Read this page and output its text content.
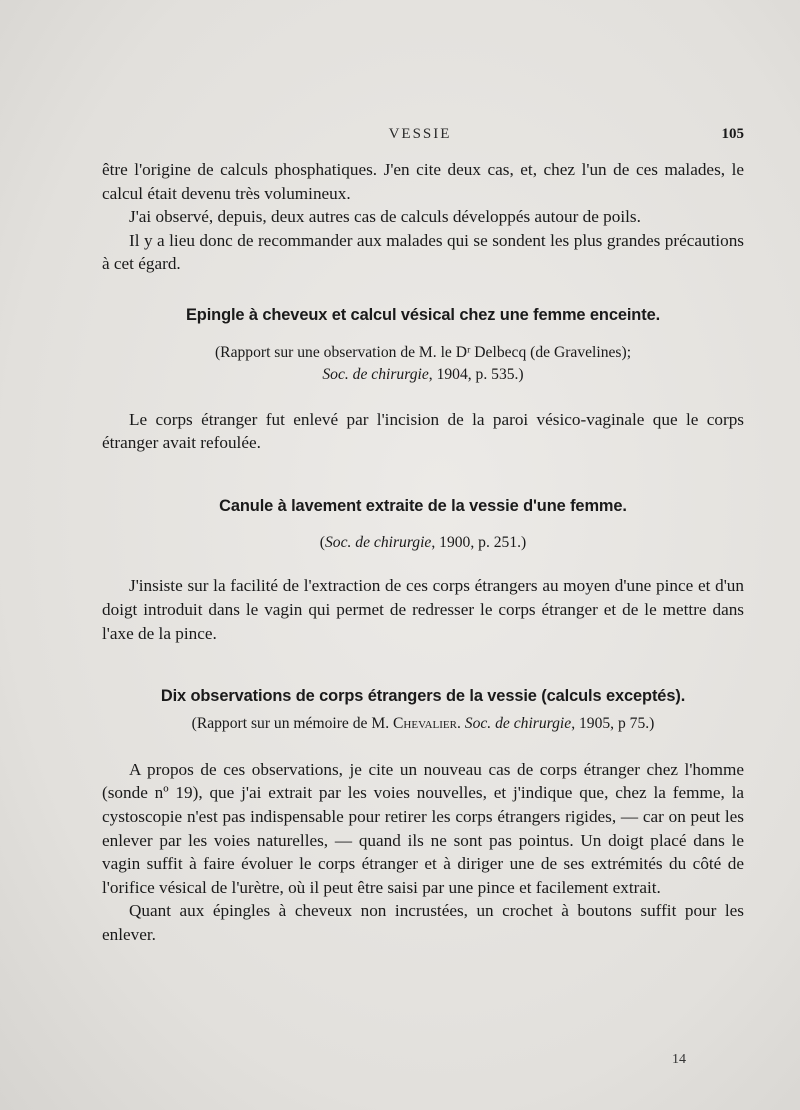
VESSIE	105

être l'origine de calculs phosphatiques. J'en cite deux cas, et, chez l'un de ces malades, le calcul était devenu très volumineux.

J'ai observé, depuis, deux autres cas de calculs développés autour de poils.

Il y a lieu donc de recommander aux malades qui se sondent les plus grandes précautions à cet égard.

Epingle à cheveux et calcul vésical chez une femme enceinte.
(Rapport sur une observation de M. le Dʳ Delbecq (de Gravelines);
Soc. de chirurgie, 1904, p. 535.)

Le corps étranger fut enlevé par l'incision de la paroi vésico-vaginale que le corps étranger avait refoulée.

Canule à lavement extraite de la vessie d'une femme.
(Soc. de chirurgie, 1900, p. 251.)

J'insiste sur la facilité de l'extraction de ces corps étrangers au moyen d'une pince et d'un doigt introduit dans le vagin qui permet de redresser le corps étranger et de le mettre dans l'axe de la pince.

Dix observations de corps étrangers de la vessie (calculs exceptés).
(Rapport sur un mémoire de M. Chevalier. Soc. de chirurgie, 1905, p 75.)

A propos de ces observations, je cite un nouveau cas de corps étranger chez l'homme (sonde nº 19), que j'ai extrait par les voies nouvelles, et j'indique que, chez la femme, la cystoscopie n'est pas indispensable pour retirer les corps étrangers rigides, — car on peut les enlever par les voies naturelles, — quand ils ne sont pas pointus. Un doigt placé dans le vagin suffit à faire évoluer le corps étranger et à diriger une de ses extrémités du côté de l'orifice vésical de l'urètre, où il peut être saisi par une pince et facilement extrait.

Quant aux épingles à cheveux non incrustées, un crochet à boutons suffit pour les enlever.

14
